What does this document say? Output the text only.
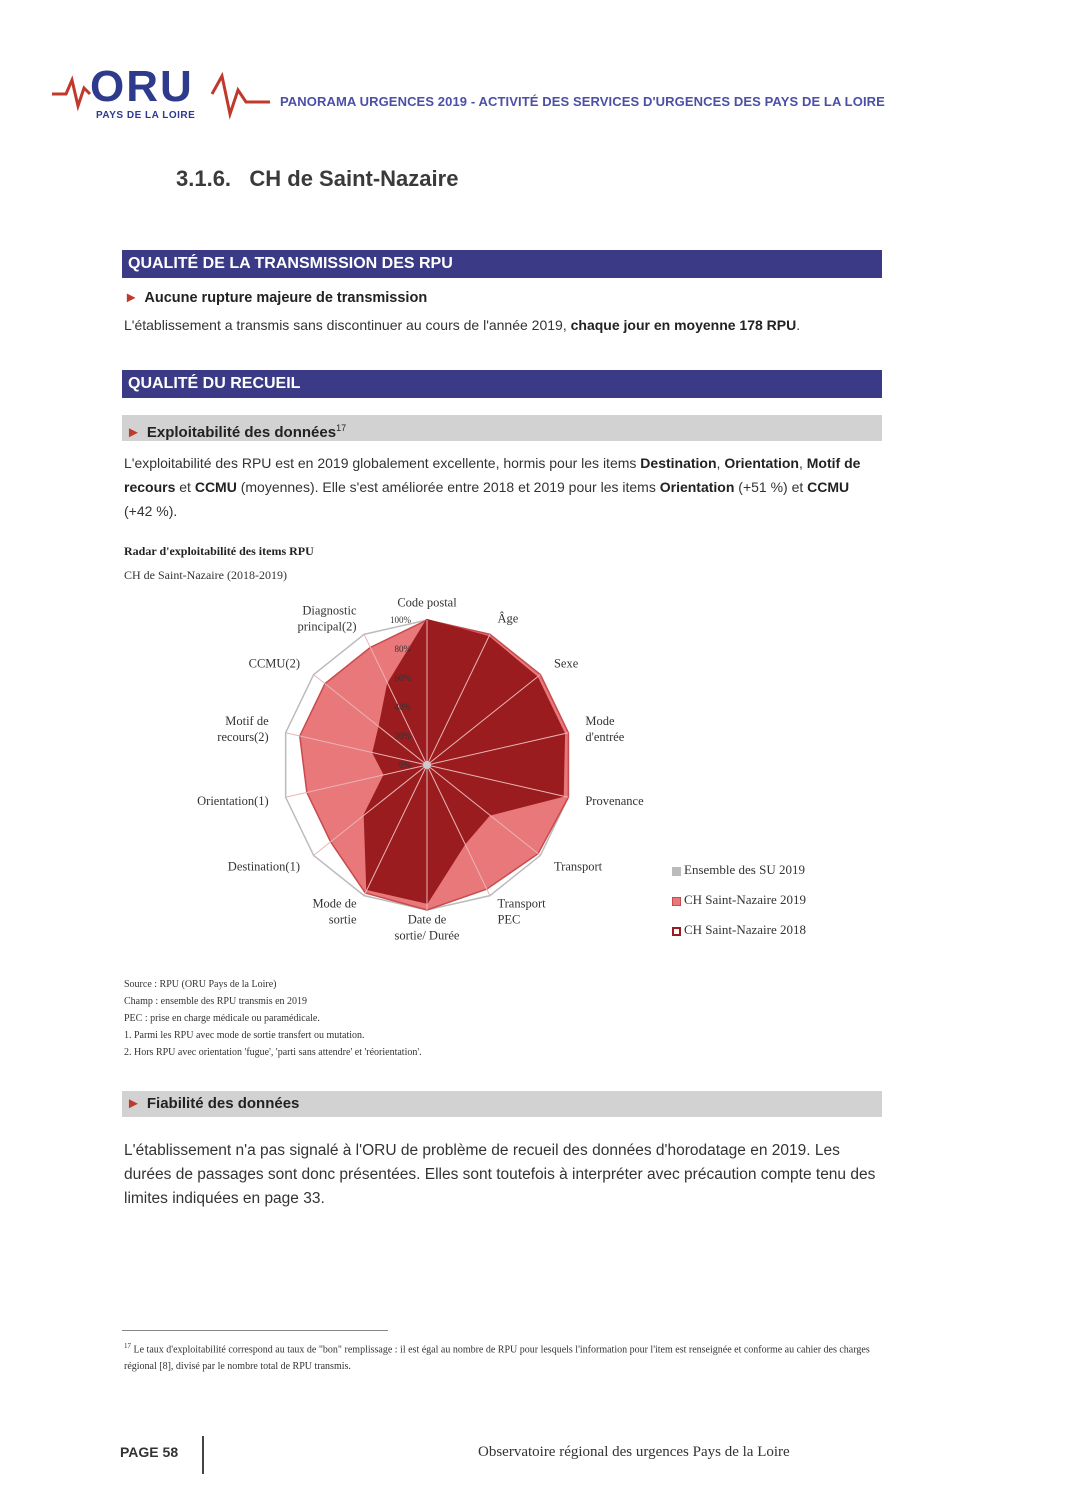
ORU
PAYS DE LA LOIRE
PANORAMA URGENCES 2019 - ACTIVITÉ DES SERVICES D'URGENCES DES PAYS DE LA LOIRE
3.1.6.   CH de Saint-Nazaire
QUALITÉ DE LA TRANSMISSION DES RPU
► Aucune rupture majeure de transmission
L'établissement a transmis sans discontinuer au cours de l'année 2019, chaque jour en moyenne 178 RPU.
QUALITÉ DU RECUEIL
► Exploitabilité des données$^{17}$
L'exploitabilité des RPU est en 2019 globalement excellente, hormis pour les items Destination, Orientation, Motif de recours et CCMU (moyennes). Elle s'est améliorée entre 2018 et 2019 pour les items Orientation (+51 %) et CCMU (+42 %).
Radar d'exploitabilité des items RPU
CH de Saint-Nazaire (2018-2019)
0%
20%
40%
60%
80%
100%
Code postal
Âge
Sexe
Mode d'entrée
Provenance
Transport
Transport PEC
Date de sortie/ Durée
Mode de sortie
Destination(1)
Orientation(1)
Motif de recours(2)
CCMU(2)
Diagnostic principal(2)
Ensemble des SU 2019
CH Saint-Nazaire 2019
CH Saint-Nazaire 2018
Source : RPU (ORU Pays de la Loire)
Champ : ensemble des RPU transmis en 2019
PEC : prise en charge médicale ou paramédicale.
1. Parmi les RPU avec mode de sortie transfert ou mutation.
2. Hors RPU avec orientation 'fugue', 'parti sans attendre' et 'réorientation'.
► Fiabilité des données
L'établissement n'a pas signalé à l'ORU de problème de recueil des données d'horodatage en 2019. Les durées de passages sont donc présentées. Elles sont toutefois à interpréter avec précaution compte tenu des limites indiquées en page 33.
$^{17}$ Le taux d'exploitabilité correspond au taux de "bon" remplissage : il est égal au nombre de RPU pour lesquels l'information pour l'item est renseignée et conforme au cahier des charges régional [8], divisé par le nombre total de RPU transmis.
PAGE 58	Observatoire régional des urgences Pays de la Loire
